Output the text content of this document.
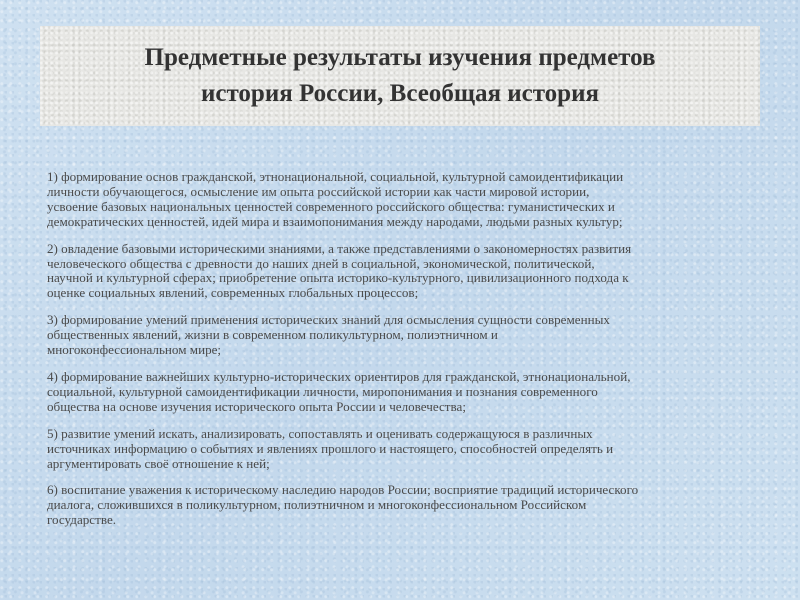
Предметные результаты изучения предметов
история России, Всеобщая история
1) формирование основ гражданской, этнонациональной, социальной, культурной самоидентификации
личности обучающегося, осмысление им опыта российской истории как части мировой истории,
усвоение базовых национальных ценностей современного российского общества: гуманистических и
демократических ценностей, идей мира и взаимопонимания между народами, людьми разных культур;
2) овладение базовыми историческими знаниями, а также представлениями о закономерностях развития
человеческого общества с древности до наших дней в социальной, экономической, политической,
научной и культурной сферах; приобретение опыта историко-культурного, цивилизационного подхода к
оценке социальных явлений, современных глобальных процессов;
3) формирование умений применения исторических знаний для осмысления сущности современных
общественных явлений, жизни в современном поликультурном, полиэтничном и
многоконфессиональном мире;
4) формирование важнейших культурно-исторических ориентиров для гражданской, этнонациональной,
социальной, культурной самоидентификации личности, миропонимания и познания современного
общества на основе изучения исторического опыта России и человечества;
5) развитие умений искать, анализировать, сопоставлять и оценивать содержащуюся в различных
источниках информацию о событиях и явлениях прошлого и настоящего, способностей определять и
аргументировать своё отношение к ней;
6) воспитание уважения к историческому наследию народов России; восприятие традиций исторического
диалога, сложившихся в поликультурном, полиэтничном и многоконфессиональном Российском
государстве.
